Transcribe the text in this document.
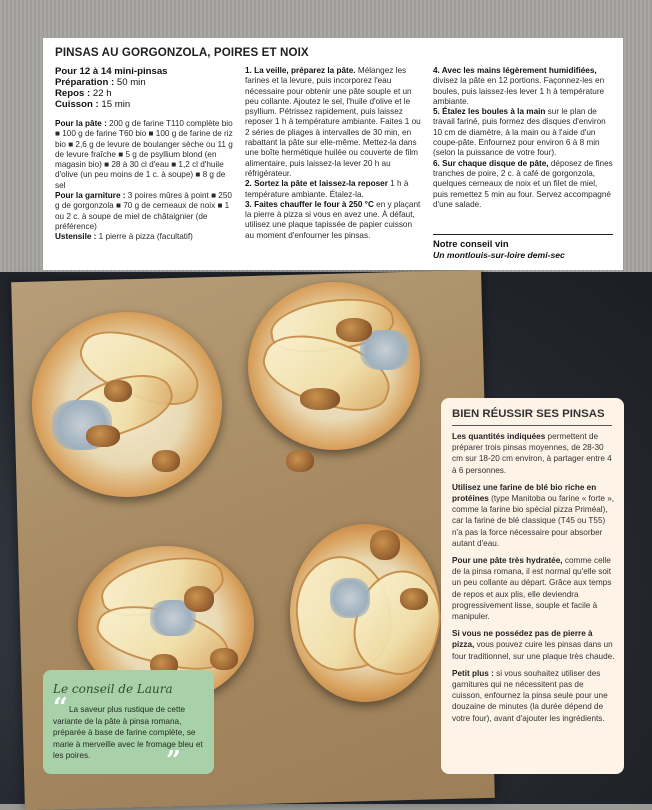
PINSAS AU GORGONZOLA, POIRES ET NOIX
Pour 12 à 14 mini-pinsas
Préparation : 50 min
Repos : 22 h
Cuisson : 15 min
Pour la pâte : 200 g de farine T110 complète bio ■ 100 g de farine T60 bio ■ 100 g de farine de riz bio ■ 2,6 g de levure de boulanger sèche ou 11 g de levure fraîche ■ 5 g de psyllium blond (en magasin bio) ■ 28 à 30 cl d'eau ■ 1,2 cl d'huile d'olive (un peu moins de 1 c. à soupe) ■ 8 g de sel
Pour la garniture : 3 poires mûres à point ■ 250 g de gorgonzola ■ 70 g de cerneaux de noix ■ 1 ou 2 c. à soupe de miel de châtaignier (de préférence)
Ustensile : 1 pierre à pizza (facultatif)
1. La veille, préparez la pâte. Mélangez les farines et la levure, puis incorporez l'eau nécessaire pour obtenir une pâte souple et un peu collante. Ajoutez le sel, l'huile d'olive et le psyllium. Pétrissez rapidement, puis laissez reposer 1 h à température ambiante. Faites 1 ou 2 séries de pliages à intervalles de 30 min, en rabattant la pâte sur elle-même. Mettez-la dans une boîte hermétique huilée ou couverte de film alimentaire, puis laissez-la lever 20 h au réfrigérateur.
2. Sortez la pâte et laissez-la reposer 1 h à température ambiante. Étalez-la.
3. Faites chauffer le four à 250 °C en y plaçant la pierre à pizza si vous en avez une. À défaut, utilisez une plaque tapissée de papier cuisson au moment d'enfourner les pinsas.
4. Avec les mains légèrement humidifiées, divisez la pâte en 12 portions. Façonnez-les en boules, puis laissez-les lever 1 h à température ambiante.
5. Étalez les boules à la main sur le plan de travail fariné, puis formez des disques d'environ 10 cm de diamètre, à la main ou à l'aide d'un coupe-pâte. Enfournez pour environ 6 à 8 min (selon la puissance de votre four).
6. Sur chaque disque de pâte, déposez de fines tranches de poire, 2 c. à café de gorgonzola, quelques cerneaux de noix et un filet de miel, puis remettez 5 min au four. Servez accompagné d'une salade.
Notre conseil vin
Un montlouis-sur-loire demi-sec
BIEN RÉUSSIR SES PINSAS

Les quantités indiquées permettent de préparer trois pinsas moyennes, de 28-30 cm sur 18-20 cm environ, à partager entre 4 à 6 personnes.

Utilisez une farine de blé bio riche en protéines (type Manitoba ou farine « forte », comme la farine bio spécial pizza Priméal), car la farine de blé classique (T45 ou T55) n'a pas la force nécessaire pour absorber autant d'eau.

Pour une pâte très hydratée, comme celle de la pinsa romana, il est normal qu'elle soit un peu collante au départ. Grâce aux temps de repos et aux plis, elle deviendra progressivement lisse, souple et facile à manipuler.

Si vous ne possédez pas de pierre à pizza, vous pouvez cuire les pinsas dans un four traditionnel, sur une plaque très chaude.

Petit plus : si vous souhaitez utiliser des garnitures qui ne nécessitent pas de cuisson, enfournez la pinsa seule pour une douzaine de minutes (la durée dépend de votre four), avant d'ajouter les ingrédients.

Le conseil de Laura
“ La saveur plus rustique de cette variante de la pâte à pinsa romana, préparée à base de farine complète, se marie à merveille avec le fromage bleu et les poires.	”
